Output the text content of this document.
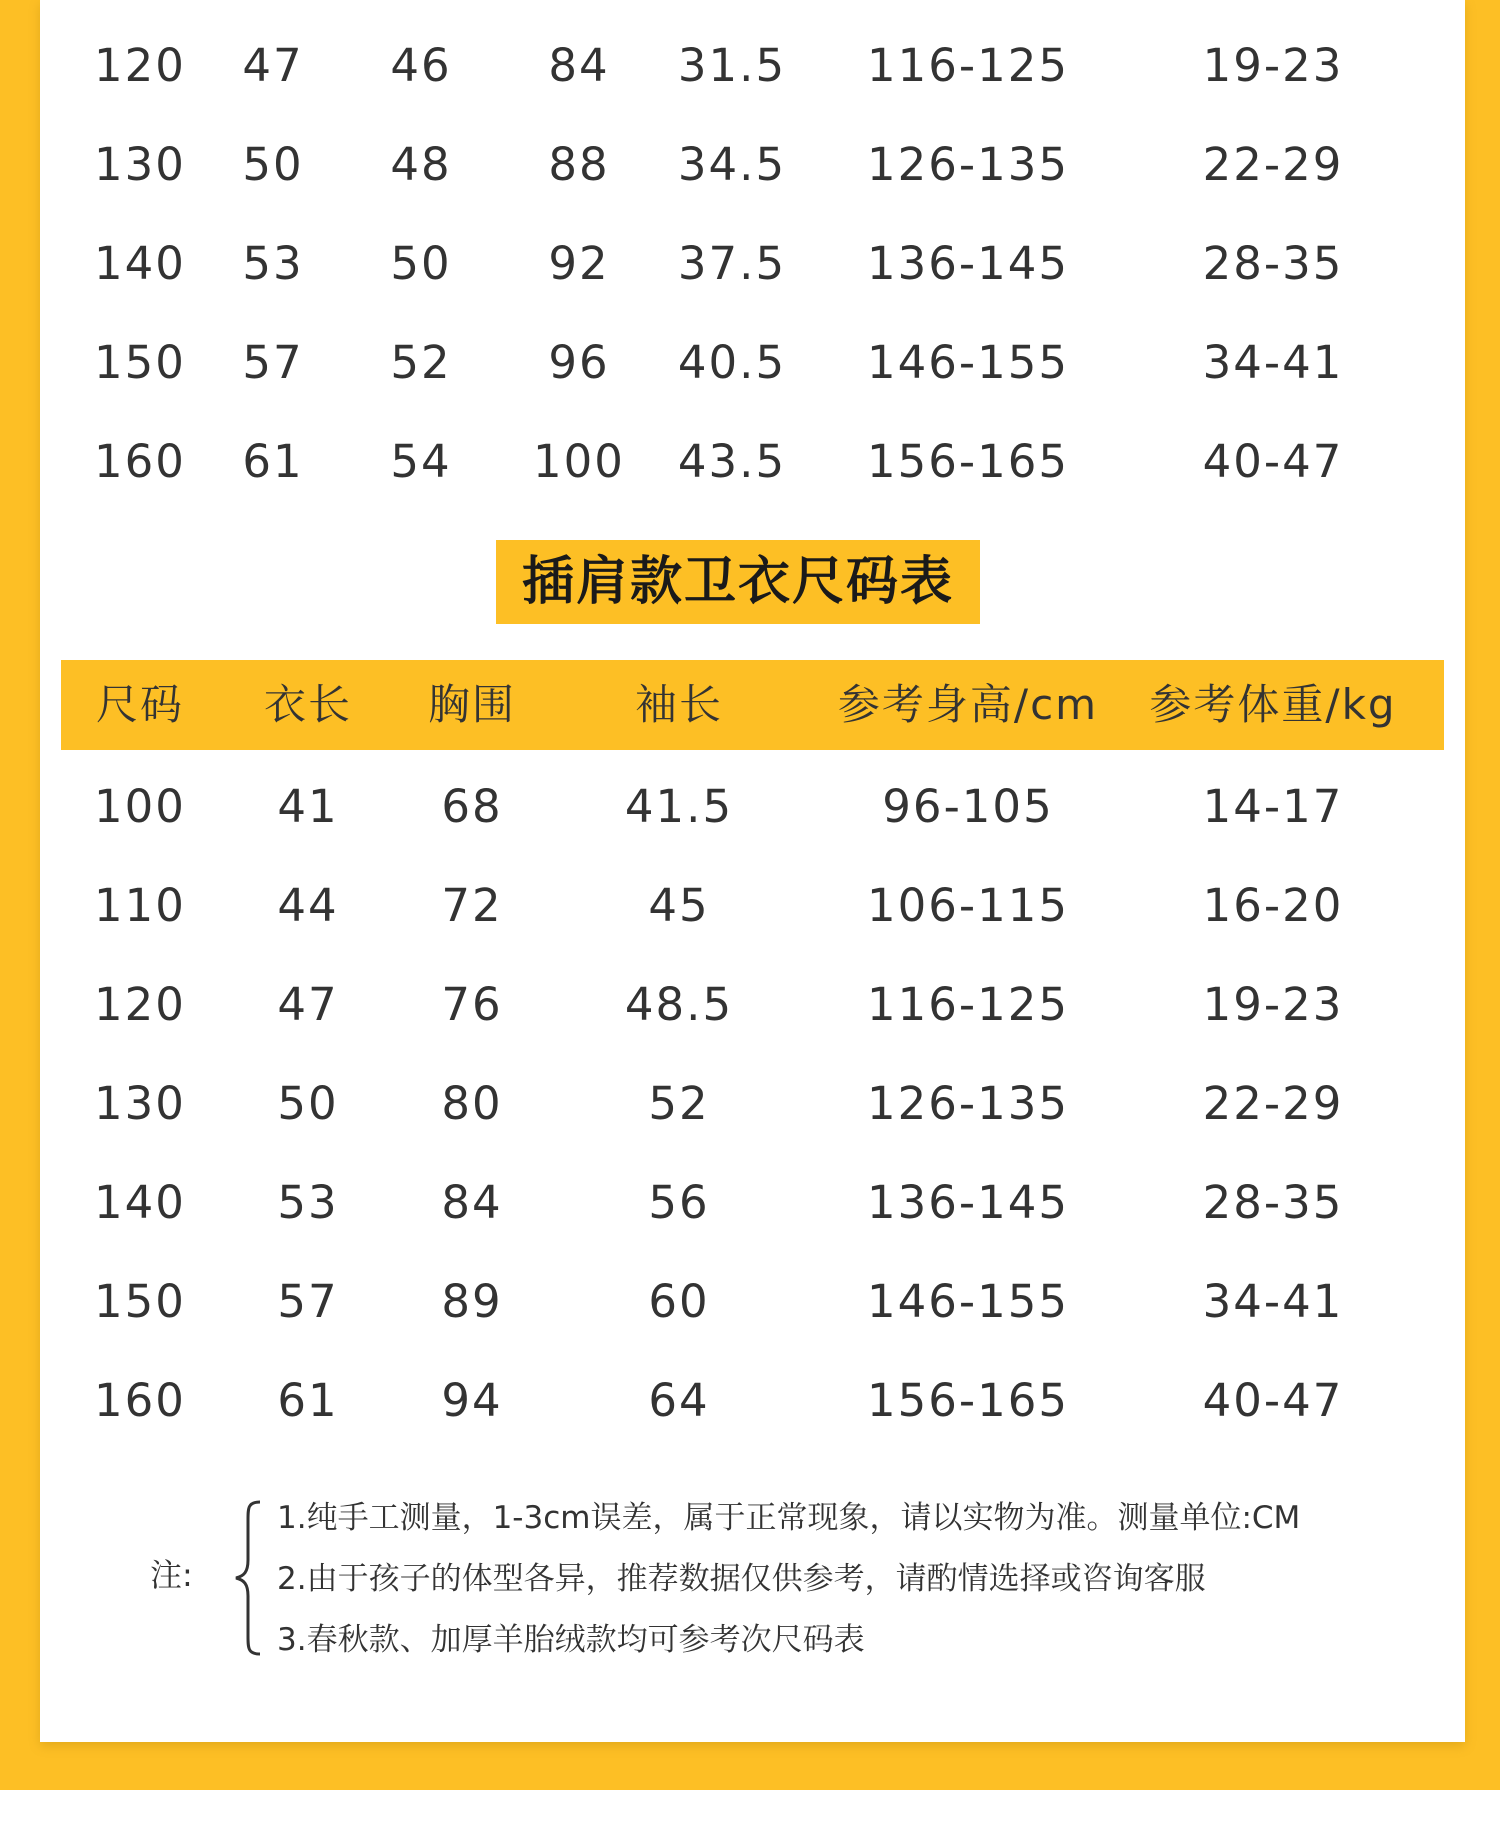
120 47 46 84 31.5 116-125	19-23
130 50 48 88 34.5 126-135	22-29
140 53 50 92 37.5 136-145	28-35
150 57 52 96 40.5 146-155	34-41
160 61 54 100 43.5 156-165	40-47
插肩款卫衣尺码表
尺码 衣长 胸围	袖长	参考身高/cm 参考体重/kg
100 41 68	41.5	96-105	14-17
110 44 72	45	106-115	16-20
120 47 76	48.5	116-125	19-23
130 50 80	52	126-135	22-29
140 53 84	56	136-145	28-35
150 57 89	60	146-155	34-41
160 61 94	64	156-165	40-47
注:
1.纯手工测量，1-3cm误差，属于正常现象，请以实物为准。测量单位:CM
2.由于孩子的体型各异，推荐数据仅供参考，请酌情选择或咨询客服
3.春秋款、加厚羊胎绒款均可参考次尺码表
